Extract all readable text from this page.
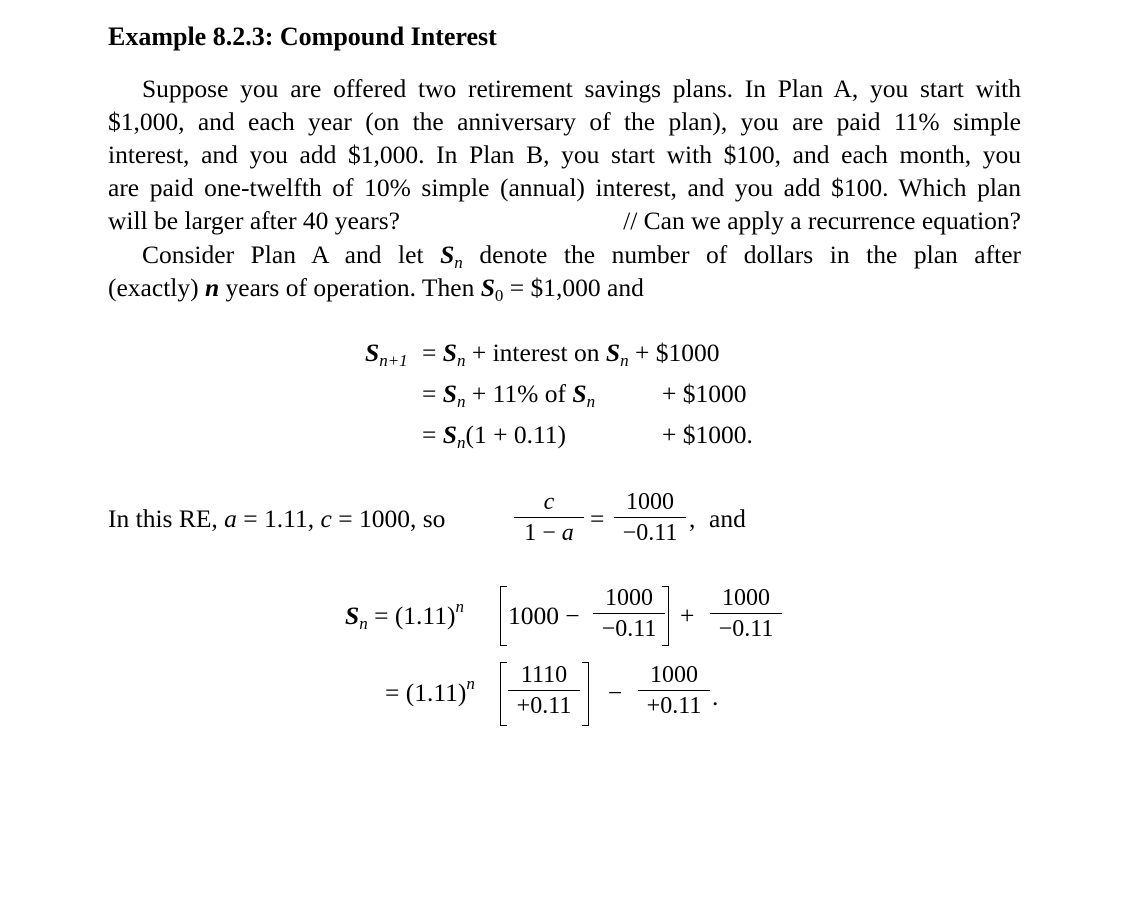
Example 8.2.3: Compound Interest
Suppose you are offered two retirement savings plans. In Plan A, you start with
$1,000, and each year (on the anniversary of the plan), you are paid 11% simple
interest, and you add $1,000. In Plan B, you start with $100, and each month, you
are paid one-twelfth of 10% simple (annual) interest, and you add $100. Which plan
will be larger after 40 years?	// Can we apply a recurrence equation?
Consider Plan A and let $S_n$ denote the number of dollars in the plan after
(exactly) n years of operation. Then $S_0$ = $1,000 and
$S_{n+1} = S_n$ + interest on $S_n$ + $1000
= $S_n + 11\%$ of $S_n$	+ $1000
= $S_n(1 + 0.11)$	+ $1000.
In this RE, a = 1.11, c = 1000, so
c
1 − a =
1000
−0.11 , and
$S_n = (1.11)^n$ 1000 −
1000
−0.11 +
1000
−0.11
= $(1.11)^n$	1110
+0.11	−
1000
+0.11 .
